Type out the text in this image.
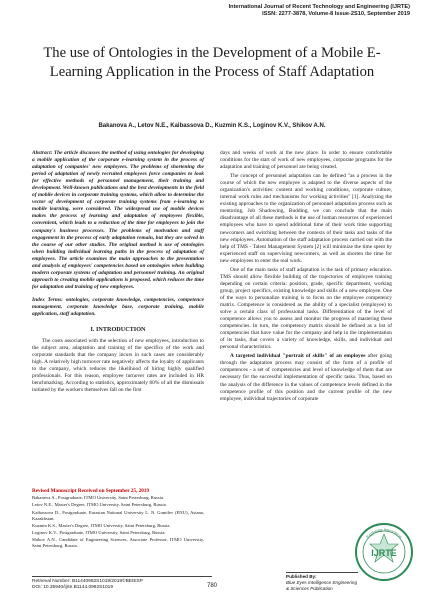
International Journal of Recent Technology and Engineering (IJRTE)
ISSN: 2277-3878, Volume-8 Issue-2S10, September 2019
The use of Ontologies in the Development of a Mobile E-Learning Application in the Process of Staff Adaptation
Bakanova A., Letov N.E., Kaibassova D., Kuzmin K.S., Loginov K.V., Shikov A.N.
Abstract: The article discusses the method of using ontologies for developing a mobile application of the corporate e-learning system in the process of adaptation of companies' new employees. The problems of shortening the period of adaptation of newly recruited employees force companies to look for effective methods of personnel management, their training and development. Well-known publications and the best developments in the field of mobile devices in corporate training systems, which allow to determine the vector of development of corporate training systems from e-learning to mobile learning, were considered. The widespread use of mobile devices makes the process of learning and adaptation of employees flexible, convenient, which leads to a reduction of the time for employees to join the company's business processes. The problems of motivation and staff engagement in the process of early adaptation remain, but they are solved in the course of our other studies. The original method is use of ontologies when building individual learning paths in the process of adaptation of employees. The article examines the main approaches to the presentation and analysis of employees' competencies based on ontologies when building modern corporate systems of adaptation and personnel training. An original approach to creating mobile applications is proposed, which reduces the time for adaptation and training of new employees.
Index Terms: ontologies, corporate knowledge, competencies, competence management, corporate knowledge base, corporate training, mobile application, staff adaptation.
I. INTRODUCTION

The costs associated with the selection of new employees, introduction to the subject area, adaptation and training of the specifics of the work and corporate standards that the company incurs in such cases are considerably high. A relatively high turnover rate negatively affects the loyalty of applicants to the company, which reduces the likelihood of hiring highly qualified professionals. For this reason, employee turnover rates are included in HR benchmarking. According to statistics, approximately 80% of all the dismissals initiated by the workers themselves fall on the first

days and weeks of work at the new place. In order to ensure comfortable conditions for the start of work of new employees, corporate programs for the adaptation and training of personnel are being created.

The concept of personnel adaptation can be defined "as a process in the course of which the new employee is adapted to the diverse aspects of the organization's activities: content and working conditions, corporate culture, internal work rules and mechanisms for working activities" [1]. Analyzing the existing approaches to the organization of personnel adaptation process such as mentoring, Job Shadowing, Budding, we can conclude that the main disadvantage of all these methods is the use of human resources of experienced employees who have to spend additional time of their work time supporting newcomers and switching between the contexts of their tasks and tasks of the new employees. Automation of the staff adaptation process carried out with the help of TMS - Talent Management System [2] will minimize the time spent by experienced staff on supervising newcomers, as well as shorten the time for new employees to enter the real work.

One of the main tasks of staff adaptation is the task of primary education. TMS should allow flexible building of the trajectories of employee training depending on certain criteria: position, grade, specific department, working group, project specifics, existing knowledge and skills of a new employee. One of the ways to personalize training is to focus on the employee competency matrix. Competence is considered as the ability of a specialist (employee) to solve a certain class of professional tasks. Differentiation of the level of competence allows you to assess and monitor the progress of mastering these competencies. In turn, the competency matrix should be defined as a list of competencies that have value for the company and help in the implementation of its tasks, that covers a variety of knowledge, skills, and individual and personal characteristics.

A targeted individual "portrait of skills" of an employee after going through the adaptation process may consist of the form of a profile of competences - a set of competencies and level of knowledge of them that are necessary for the successful implementation of specific tasks. Thus, based on the analysis of the difference in the values of competence levels defined in the competence profile of this position and the current profile of the new employee, individual trajectories of corporate

Revised Manuscript Received on September 25, 2019

Bakanova A., Postgraduate, ITMO University, Saint Petersburg, Russia.

Letov N.E., Master's Degree, ITMO University, Saint Petersburg, Russia.

Kaibassova D., Postgraduate, Eurasian National University L. N. Gumilev (ENU), Astana, Kazakhstan.

Kuzmin K.S., Master's Degree, ITMO University, Saint Petersburg, Russia.

Loginov K.V., Postgraduate, ITMO University, Saint Petersburg, Russia.

Shikov A.N., Candidate of Engineering Sciences, Associate Professor, ITMO University, Saint Petersburg, Russia.

Retrieval Number: B11440982S1019/2019©BEIESP
DOI: 10.35940/ijrte.B1144.0982S1019	780
Published By:
Blue Eyes Intelligence Engineering
& Sciences Publication
IJRTE
Exploring Innovation
